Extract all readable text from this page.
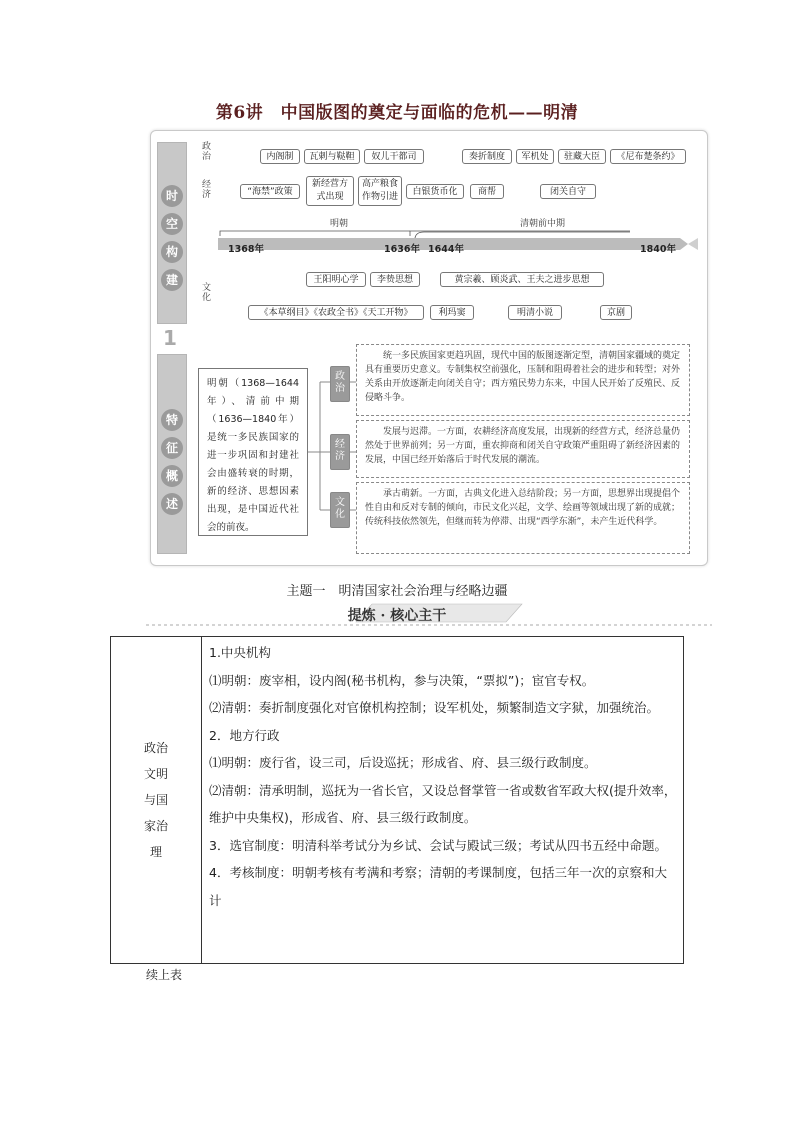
第6讲　中国版图的奠定与面临的危机——明清
时
空
构
建
1
特
征
概
述
政治
经济
文化
内阁制	瓦剌与鞑靼	奴儿干都司	奏折制度	军机处	驻藏大臣	《尼布楚条约》
“海禁”政策
新经营方式出现
高产粮食作物引进	白银货币化	商帮	闭关自守
明朝	清朝前中期
1368年	1636年 1644年	1840年
王阳明心学	李贽思想	黄宗羲、顾炎武、王夫之进步思想
《本草纲目》《农政全书》《天工开物》	利玛窦	明清小说	京剧
明朝（1368—1644年）、清前中期（1636—1840年）是统一多民族国家的进一步巩固和封建社会由盛转衰的时期，新的经济、思想因素出现，是中国近代社会的前夜。
政治
经济
文化
统一多民族国家更趋巩固，现代中国的版图逐渐定型，清朝国家疆域的奠定具有重要历史意义。专制集权空前强化，压制和阻碍着社会的进步和转型；对外关系由开放逐渐走向闭关自守；西方殖民势力东来，中国人民开始了反殖民、反侵略斗争。
发展与迟滞。一方面，农耕经济高度发展，出现新的经营方式，经济总量仍然处于世界前列；另一方面，重农抑商和闭关自守政策严重阻碍了新经济因素的发展，中国已经开始落后于时代发展的潮流。
承古萌新。一方面，古典文化进入总结阶段；另一方面，思想界出现提倡个性自由和反对专制的倾向，市民文化兴起，文学、绘画等领域出现了新的成就；传统科技依然领先，但继而转为停滞、出现“西学东渐”，未产生近代科学。
主题一　明清国家社会治理与经略边疆
提炼 · 核心主干
政治
文明
与国
家治
理

1.中央机构

⑴明朝：废宰相，设内阁(秘书机构，参与决策，“票拟”)；宦官专权。

⑵清朝：奏折制度强化对官僚机构控制；设军机处，频繁制造文字狱，加强统治。

2．地方行政

⑴明朝：废行省，设三司，后设巡抚；形成省、府、县三级行政制度。

⑵清朝：清承明制，巡抚为一省长官，又设总督掌管一省或数省军政大权(提升效率，维护中央集权)，形成省、府、县三级行政制度。

3．选官制度：明清科举考试分为乡试、会试与殿试三级；考试从四书五经中命题。

4．考核制度：明朝考核有考满和考察；清朝的考课制度，包括三年一次的京察和大计

续上表
